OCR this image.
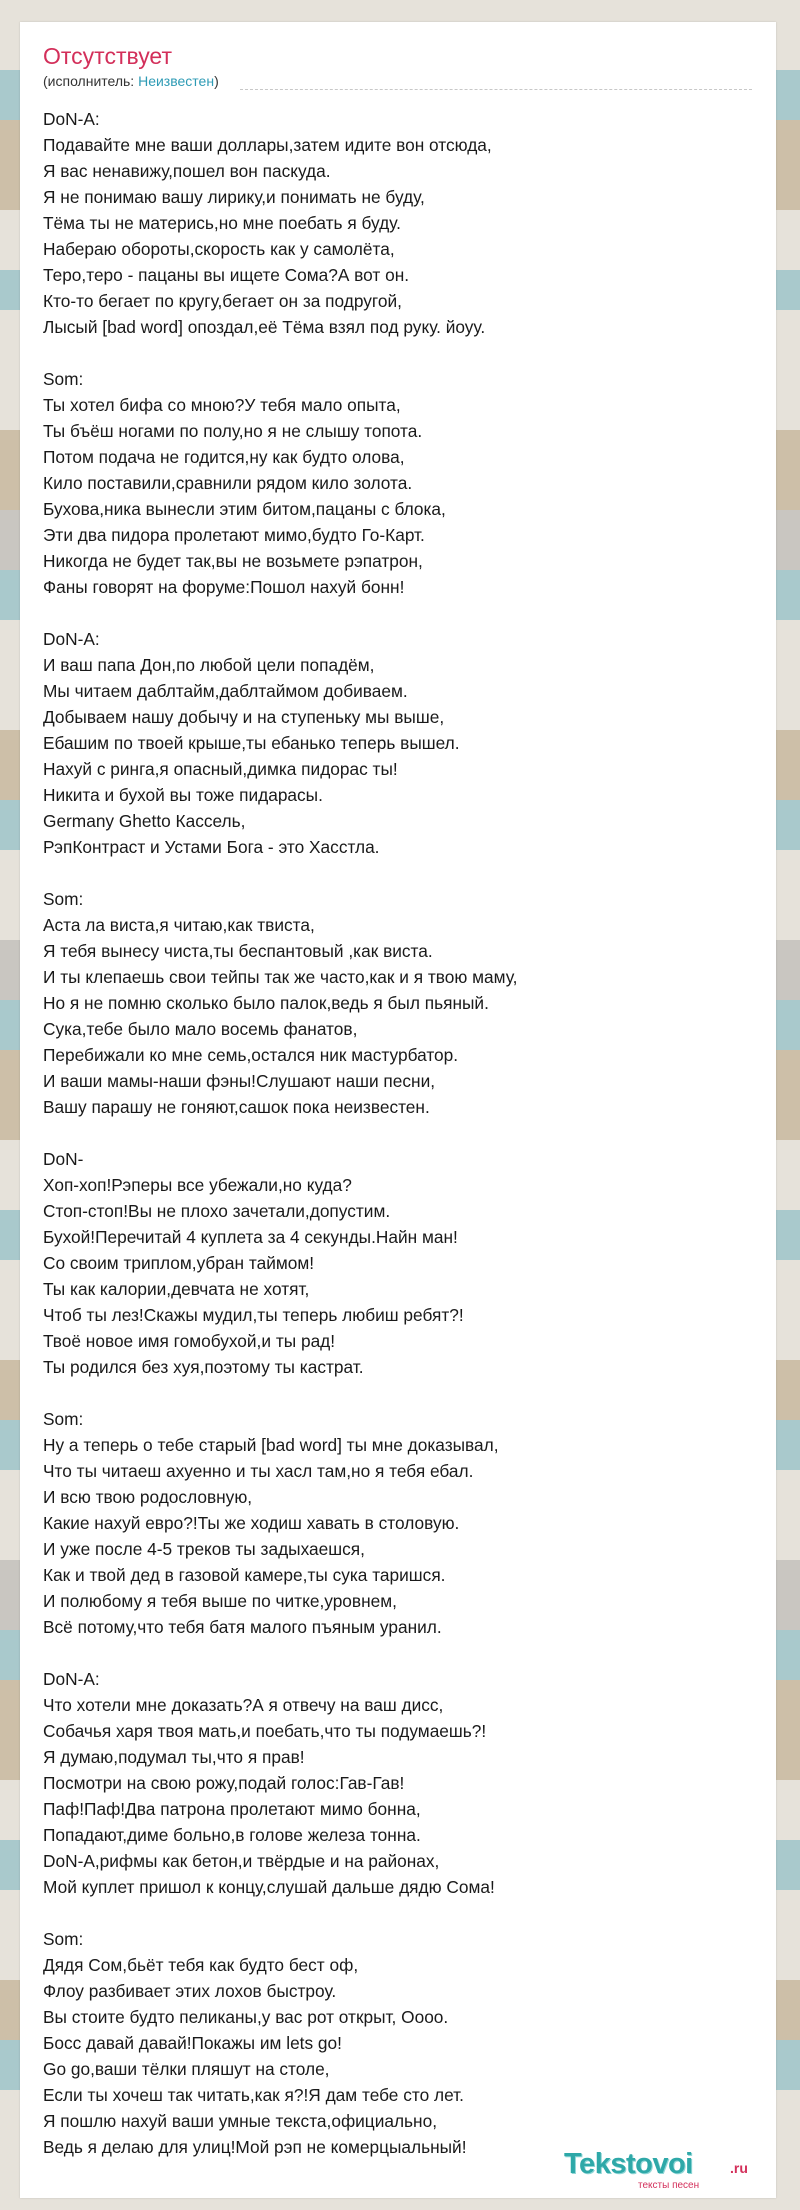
Отсутствует
(исполнитель: Неизвестен)
DoN-A:
Подавайте мне ваши доллары,затем идите вон отсюда,
Я вас ненавижу,пошел вон паскуда.
Я не понимаю вашу лирику,и понимать не буду,
Тёма ты не матерись,но мне поебать я буду.
Наберaю обороты,скорость как у самолёта,
Теро,теро - пацаны вы ищете Сома?А вот он.
Кто-то бегает по кругу,бегает он за подругой,
Лысый [bad word] опоздал,её Тёма взял под руку. йоуу.
Som:
Ты хотел бифа со мною?У тебя мало опыта,
Ты бъёш ногами по полу,но я не слышу топота.
Потом подача не годится,ну как будто олова,
Кило поставили,сравнили рядом кило золота.
Бухова,ника вынесли этим битом,пацаны с блока,
Эти два пидора пролетают мимо,будто Го-Карт.
Никогда не будет так,вы не возьмете рэпатрон,
Фаны говорят на форуме:Пошол нахуй бонн!
DoN-A:
И ваш папа Дон,по любой цели попадём,
Мы читаем даблтайм,даблтаймом добиваем.
Добываем нашу добычу и на ступеньку мы выше,
Ебашим по твоей крыше,ты ебанько теперь вышел.
Нахуй с ринга,я опасный,димка пидорас ты!
Никита и бухой вы тоже пидарасы.
Germany Ghetto Кассель,
РэпКонтраст и Устами Бога - это Хасстла.
Som:
Аста ла виста,я читаю,как твиста,
Я тебя вынесу чиста,ты беспантовый ,как виста.
И ты клепаешь свои тейпы так же часто,как и я твою маму,
Но я не помню сколько было палок,ведь я был пьяный.
Сука,тебе было мало восемь фанатов,
Перебижали ко мне семь,остался ник мастурбатор.
И ваши мамы-наши фэны!Слушают наши песни,
Вашу парашу не гоняют,сашок пока неизвестен.
DoN-
Хоп-хоп!Рэперы все убежали,но куда?
Стоп-стоп!Вы не плохо зачетали,допустим.
Бухой!Перечитай 4 куплета за 4 секунды.Найн ман!
Со своим триплом,убран таймом!
Ты как калории,девчата не хотят,
Чтоб ты лез!Скажы мудил,ты теперь любиш ребят?!
Твоё новое имя гомобухой,и ты рад!
Ты родился без хуя,поэтому ты кастрат.
Som:
Ну а теперь о тебе старый [bad word] ты мне доказывал,
Что ты читаеш ахуенно и ты хасл там,но я тебя ебал.
И всю твою родословную,
Какие нахуй евро?!Ты же ходиш хавать в столовую.
И уже после 4-5 треков ты задыхаешся,
Как и твой дед в газовой камере,ты сука таришся.
И полюбому я тебя выше по читке,уровнем,
Всё потому,что тебя батя малого пъяным уранил.
DoN-A:
Что хотели мне доказать?А я отвечу на ваш дисс,
Собачья харя твоя мать,и поебать,что ты подумаешь?!
Я думаю,подумал ты,что я прав!
Посмотри на свою рожу,подай голос:Гав-Гав!
Паф!Паф!Два патрона пролетают мимо бонна,
Попадают,диме больно,в голове железа тонна.
DoN-A,рифмы как бетон,и твёрдые и на районах,
Мой куплет пришол к концу,слушай дальше дядю Сома!
Som:
Дядя Сом,бьёт тебя как будто бест оф,
Флоу разбивает этих лохов быстроу.
Вы стоите будто пеликаны,у вас рот открыт, Оооо.
Босс давай давай!Покажы им lets go!
Go go,ваши тёлки пляшут на столе,
Если ты хочеш так читать,как я?!Я дам тебе сто лет.
Я пошлю нахуй ваши умные текста,официально,
Ведь я делаю для улиц!Мой рэп не комерцыальный!
Tekstovoi	.ru
тексты песен
